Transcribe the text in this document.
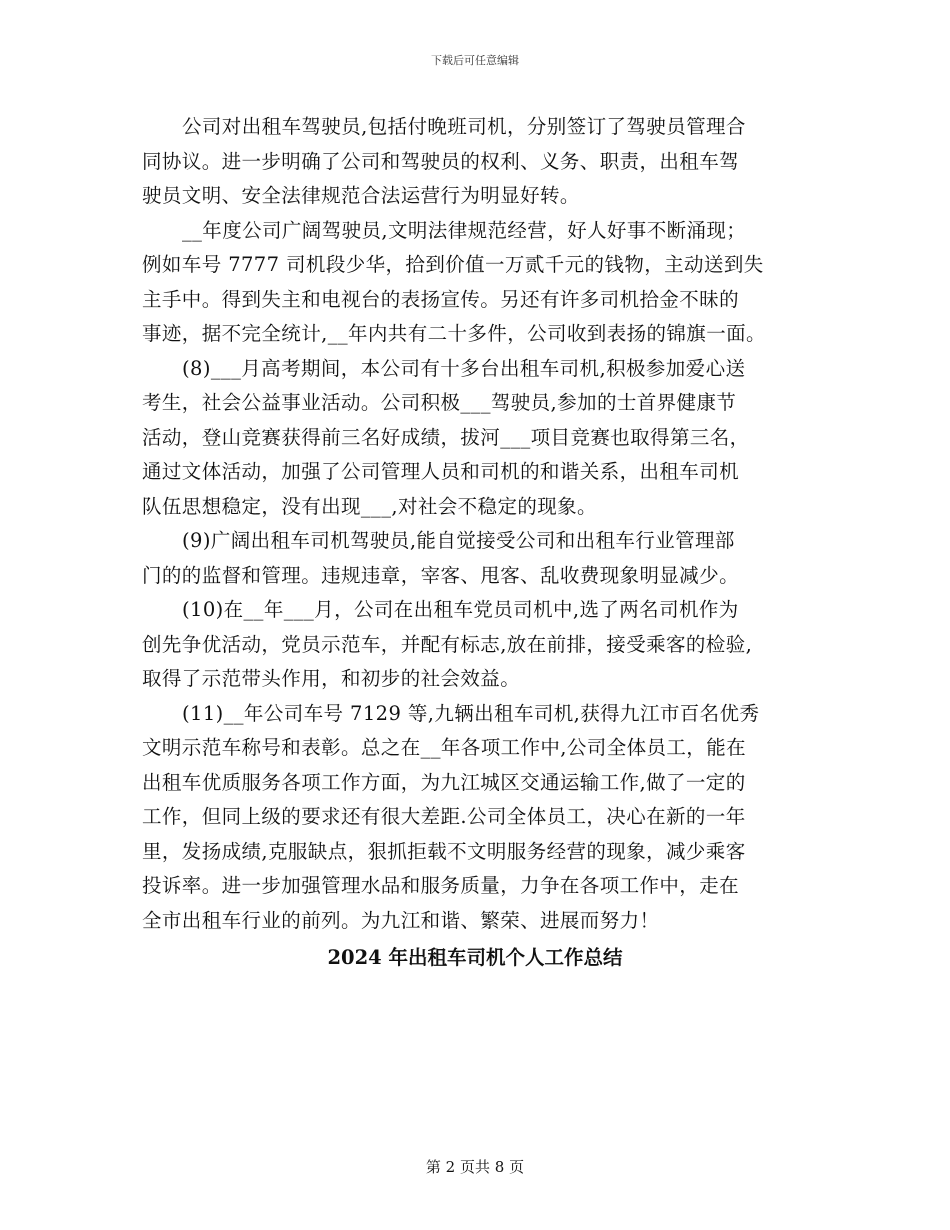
下载后可任意编辑
公司对出租车驾驶员,包括付晚班司机，分别签订了驾驶员管理合
同协议。进一步明确了公司和驾驶员的权利、义务、职责，出租车驾
驶员文明、安全法律规范合法运营行为明显好转。
__年度公司广阔驾驶员,文明法律规范经营，好人好事不断涌现；
例如车号 7777 司机段少华，拾到价值一万贰千元的钱物，主动送到失
主手中。得到失主和电视台的表扬宣传。另还有许多司机拾金不昧的
事迹，据不完全统计,__年内共有二十多件，公司收到表扬的锦旗一面。
(8)___月高考期间，本公司有十多台出租车司机,积极参加爱心送
考生，社会公益事业活动。公司积极___驾驶员,参加的士首界健康节
活动，登山竞赛获得前三名好成绩，拔河___项目竞赛也取得第三名，
通过文体活动，加强了公司管理人员和司机的和谐关系，出租车司机
队伍思想稳定，没有出现___,对社会不稳定的现象。
(9)广阔出租车司机驾驶员,能自觉接受公司和出租车行业管理部
门的的监督和管理。违规违章，宰客、甩客、乱收费现象明显减少。
(10)在__年___月，公司在出租车党员司机中,选了两名司机作为
创先争优活动，党员示范车，并配有标志,放在前排，接受乘客的检验,
取得了示范带头作用，和初步的社会效益。
(11)__年公司车号 7129 等,九辆出租车司机,获得九江市百名优秀
文明示范车称号和表彰。总之在__年各项工作中,公司全体员工，能在
出租车优质服务各项工作方面，为九江城区交通运输工作,做了一定的
工作，但同上级的要求还有很大差距.公司全体员工，决心在新的一年
里，发扬成绩,克服缺点，狠抓拒载不文明服务经营的现象，减少乘客
投诉率。进一步加强管理水品和服务质量，力争在各项工作中，走在
全市出租车行业的前列。为九江和谐、繁荣、进展而努力！
2024 年出租车司机个人工作总结
第 2 页共 8 页
